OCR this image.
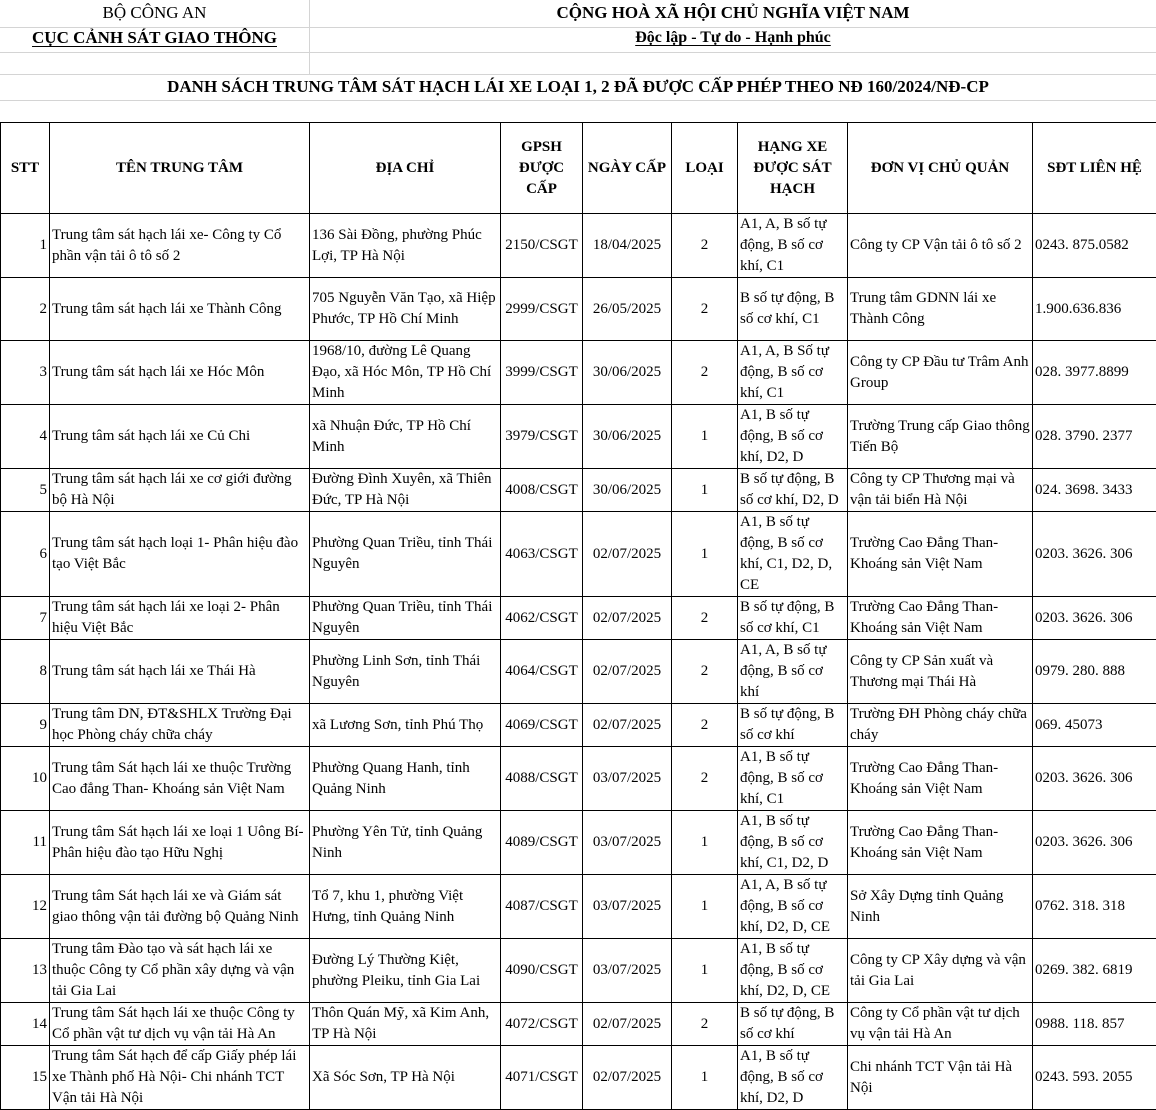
BỘ CÔNG AN
CỤC CẢNH SÁT GIAO THÔNG
CỘNG HOÀ XÃ HỘI CHỦ NGHĨA VIỆT NAM
Độc lập - Tự do - Hạnh phúc
DANH SÁCH TRUNG TÂM SÁT HẠCH LÁI XE LOẠI 1, 2 ĐÃ ĐƯỢC CẤP PHÉP THEO NĐ 160/2024/NĐ-CP
STT	TÊN TRUNG TÂM	ĐỊA CHỈ	GPSH ĐƯỢC CẤP	NGÀY CẤP	LOẠI	HẠNG XE ĐƯỢC SÁT HẠCH	ĐƠN VỊ CHỦ QUẢN	SĐT LIÊN HỆ
1	Trung tâm sát hạch lái xe- Công ty Cổ phần vận tải ô tô số 2	136 Sài Đồng, phường Phúc Lợi, TP Hà Nội	2150/CSGT	18/04/2025	2	A1, A, B số tự động, B số cơ khí, C1	Công ty CP Vận tải ô tô số 2	0243. 875.0582
2	Trung tâm sát hạch lái xe Thành Công	705 Nguyễn Văn Tạo, xã Hiệp Phước, TP Hồ Chí Minh	2999/CSGT	26/05/2025	2	B số tự động, B số cơ khí, C1	Trung tâm GDNN lái xe Thành Công	1.900.636.836
3	Trung tâm sát hạch lái xe Hóc Môn	1968/10, đường Lê Quang Đạo, xã Hóc Môn, TP Hồ Chí Minh	3999/CSGT	30/06/2025	2	A1, A, B Số tự động, B số cơ khí, C1	Công ty CP Đầu tư Trâm Anh Group	028. 3977.8899
4	Trung tâm sát hạch lái xe Củ Chi	xã Nhuận Đức, TP Hồ Chí Minh	3979/CSGT	30/06/2025	1	A1, B số tự động, B số cơ khí, D2, D	Trường Trung cấp Giao thông Tiến Bộ	028. 3790. 2377
5	Trung tâm sát hạch lái xe cơ giới đường bộ Hà Nội	Đường Đình Xuyên, xã Thiên Đức, TP Hà Nội	4008/CSGT	30/06/2025	1	B số tự động, B số cơ khí, D2, D	Công ty CP Thương mại và vận tải biển Hà Nội	024. 3698. 3433
6	Trung tâm sát hạch loại 1- Phân hiệu đào tạo Việt Bắc	Phường Quan Triều, tỉnh Thái Nguyên	4063/CSGT	02/07/2025	1	A1, B số tự động, B số cơ khí, C1, D2, D, CE	Trường Cao Đẳng Than- Khoáng sản Việt Nam	0203. 3626. 306
7	Trung tâm sát hạch lái xe loại 2- Phân hiệu Việt Bắc	Phường Quan Triều, tỉnh Thái Nguyên	4062/CSGT	02/07/2025	2	B số tự động, B số cơ khí, C1	Trường Cao Đẳng Than- Khoáng sản Việt Nam	0203. 3626. 306
8	Trung tâm sát hạch lái xe Thái Hà	Phường Linh Sơn, tỉnh Thái Nguyên	4064/CSGT	02/07/2025	2	A1, A, B số tự động, B số cơ khí	Công ty CP Sản xuất và Thương mại Thái Hà	0979. 280. 888
9	Trung tâm DN, ĐT&SHLX Trường Đại học Phòng cháy chữa cháy	xã Lương Sơn, tỉnh Phú Thọ	4069/CSGT	02/07/2025	2	B số tự động, B số cơ khí	Trường ĐH Phòng cháy chữa cháy	069. 45073
10	Trung tâm Sát hạch lái xe thuộc Trường Cao đẳng Than- Khoáng sản Việt Nam	Phường Quang Hanh, tỉnh Quảng Ninh	4088/CSGT	03/07/2025	2	A1, B số tự động, B số cơ khí, C1	Trường Cao Đẳng Than- Khoáng sản Việt Nam	0203. 3626. 306
11	Trung tâm Sát hạch lái xe loại 1 Uông Bí- Phân hiệu đào tạo Hữu Nghị	Phường Yên Tử, tỉnh Quảng Ninh	4089/CSGT	03/07/2025	1	A1, B số tự động, B số cơ khí, C1, D2, D	Trường Cao Đẳng Than- Khoáng sản Việt Nam	0203. 3626. 306
12	Trung tâm Sát hạch lái xe và Giám sát giao thông vận tải đường bộ Quảng Ninh	Tổ 7, khu 1, phường Việt Hưng, tỉnh Quảng Ninh	4087/CSGT	03/07/2025	1	A1, A, B số tự động, B số cơ khí, D2, D, CE	Sở Xây Dựng tỉnh Quảng Ninh	0762. 318. 318
13	Trung tâm Đào tạo và sát hạch lái xe thuộc Công ty Cổ phần xây dựng và vận tải Gia Lai	Đường Lý Thường Kiệt, phường Pleiku, tỉnh Gia Lai	4090/CSGT	03/07/2025	1	A1, B số tự động, B số cơ khí, D2, D, CE	Công ty CP Xây dựng và vận tải Gia Lai	0269. 382. 6819
14	Trung tâm Sát hạch lái xe thuộc Công ty Cổ phần vật tư dịch vụ vận tải Hà An	Thôn Quán Mỹ, xã Kim Anh, TP Hà Nội	4072/CSGT	02/07/2025	2	B số tự động, B số cơ khí	Công ty Cổ phần vật tư dịch vụ vận tải Hà An	0988. 118. 857
15	Trung tâm Sát hạch để cấp Giấy phép lái xe Thành phố Hà Nội- Chi nhánh TCT Vận tải Hà Nội	Xã Sóc Sơn, TP Hà Nội	4071/CSGT	02/07/2025	1	A1, B số tự động, B số cơ khí, D2, D	Chi nhánh TCT Vận tải Hà Nội	0243. 593. 2055
